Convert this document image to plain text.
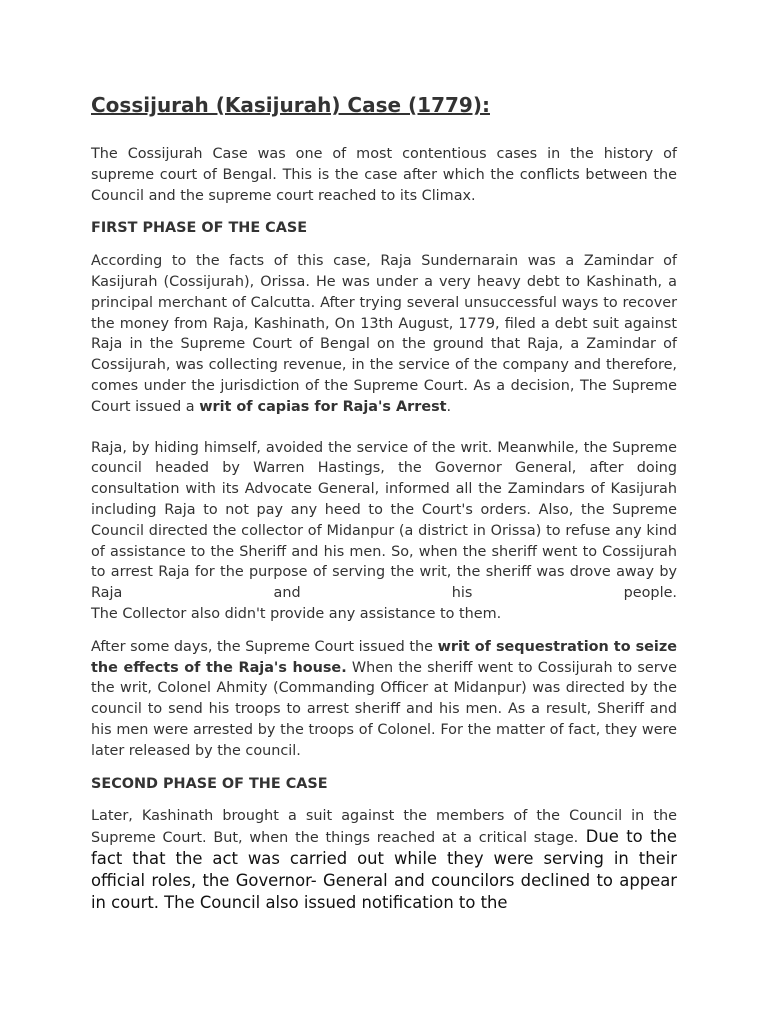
Cossijurah (Kasijurah) Case (1779):

The Cossijurah Case was one of most contentious cases in the history of supreme court of Bengal. This is the case after which the conflicts between the Council and the supreme court reached to its Climax.

FIRST PHASE OF THE CASE

According to the facts of this case, Raja Sundernarain was a Zamindar of Kasijurah (Cossijurah), Orissa. He was under a very heavy debt to Kashinath, a principal merchant of Calcutta. After trying several unsuccessful ways to recover the money from Raja, Kashinath, On 13th August, 1779, filed a debt suit against Raja in the Supreme Court of Bengal on the ground that Raja, a Zamindar of Cossijurah, was collecting revenue, in the service of the company and therefore, comes under the jurisdiction of the Supreme Court. As a decision, The Supreme Court issued a writ of capias for Raja's Arrest.

Raja, by hiding himself, avoided the service of the writ. Meanwhile, the Supreme council headed by Warren Hastings, the Governor General, after doing consultation with its Advocate General, informed all the Zamindars of Kasijurah including Raja to not pay any heed to the Court's orders. Also, the Supreme Council directed the collector of Midanpur (a district in Orissa) to refuse any kind of assistance to the Sheriff and his men. So, when the sheriff went to Cossijurah to arrest Raja for the purpose of serving the writ, the sheriff was drove away by Raja and his people.
The Collector also didn't provide any assistance to them.

After some days, the Supreme Court issued the writ of sequestration to seize the effects of the Raja's house. When the sheriff went to Cossijurah to serve the writ, Colonel Ahmity (Commanding Officer at Midanpur) was directed by the council to send his troops to arrest sheriff and his men. As a result, Sheriff and his men were arrested by the troops of Colonel. For the matter of fact, they were later released by the council.

SECOND PHASE OF THE CASE

Later, Kashinath brought a suit against the members of the Council in the Supreme Court. But, when the things reached at a critical stage. Due to the fact that the act was carried out while they were serving in their official roles, the Governor- General and councilors declined to appear in court. The Council also issued notification to the
